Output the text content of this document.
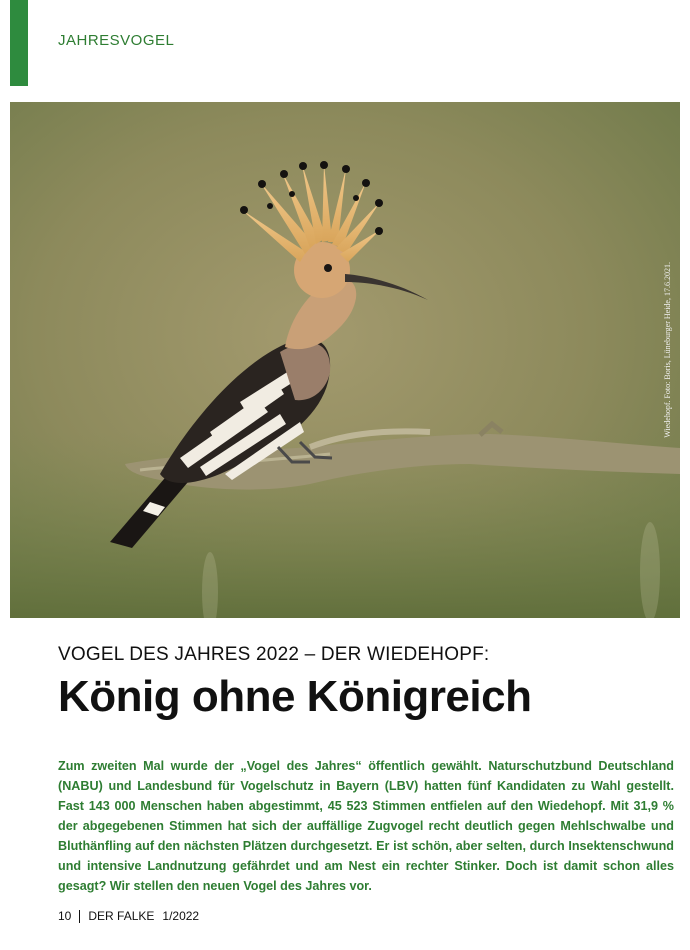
JAHRESVOGEL
Wiedehopf. Foto: Boris, Lüneburger Heide, 17.6.2021.
VOGEL DES JAHRES 2022 – DER WIEDEHOPF:
König ohne Königreich
Zum zweiten Mal wurde der „Vogel des Jahres“ öffentlich gewählt. Naturschutzbund Deutschland (NABU) und Landesbund für Vogelschutz in Bayern (LBV) hatten fünf Kandidaten zu Wahl gestellt. Fast 143 000 Menschen haben abgestimmt, 45 523 Stimmen entfielen auf den Wiedehopf. Mit 31,9 % der abgegebenen Stimmen hat sich der auffällige Zugvogel recht deutlich gegen Mehlschwalbe und Bluthänfling auf den nächsten Plätzen durchgesetzt. Er ist schön, aber selten, durch Insektenschwund und intensive Landnutzung gefährdet und am Nest ein rechter Stinker. Doch ist damit schon alles gesagt? Wir stellen den neuen Vogel des Jahres vor.
10 DER FALKE 1/2022
